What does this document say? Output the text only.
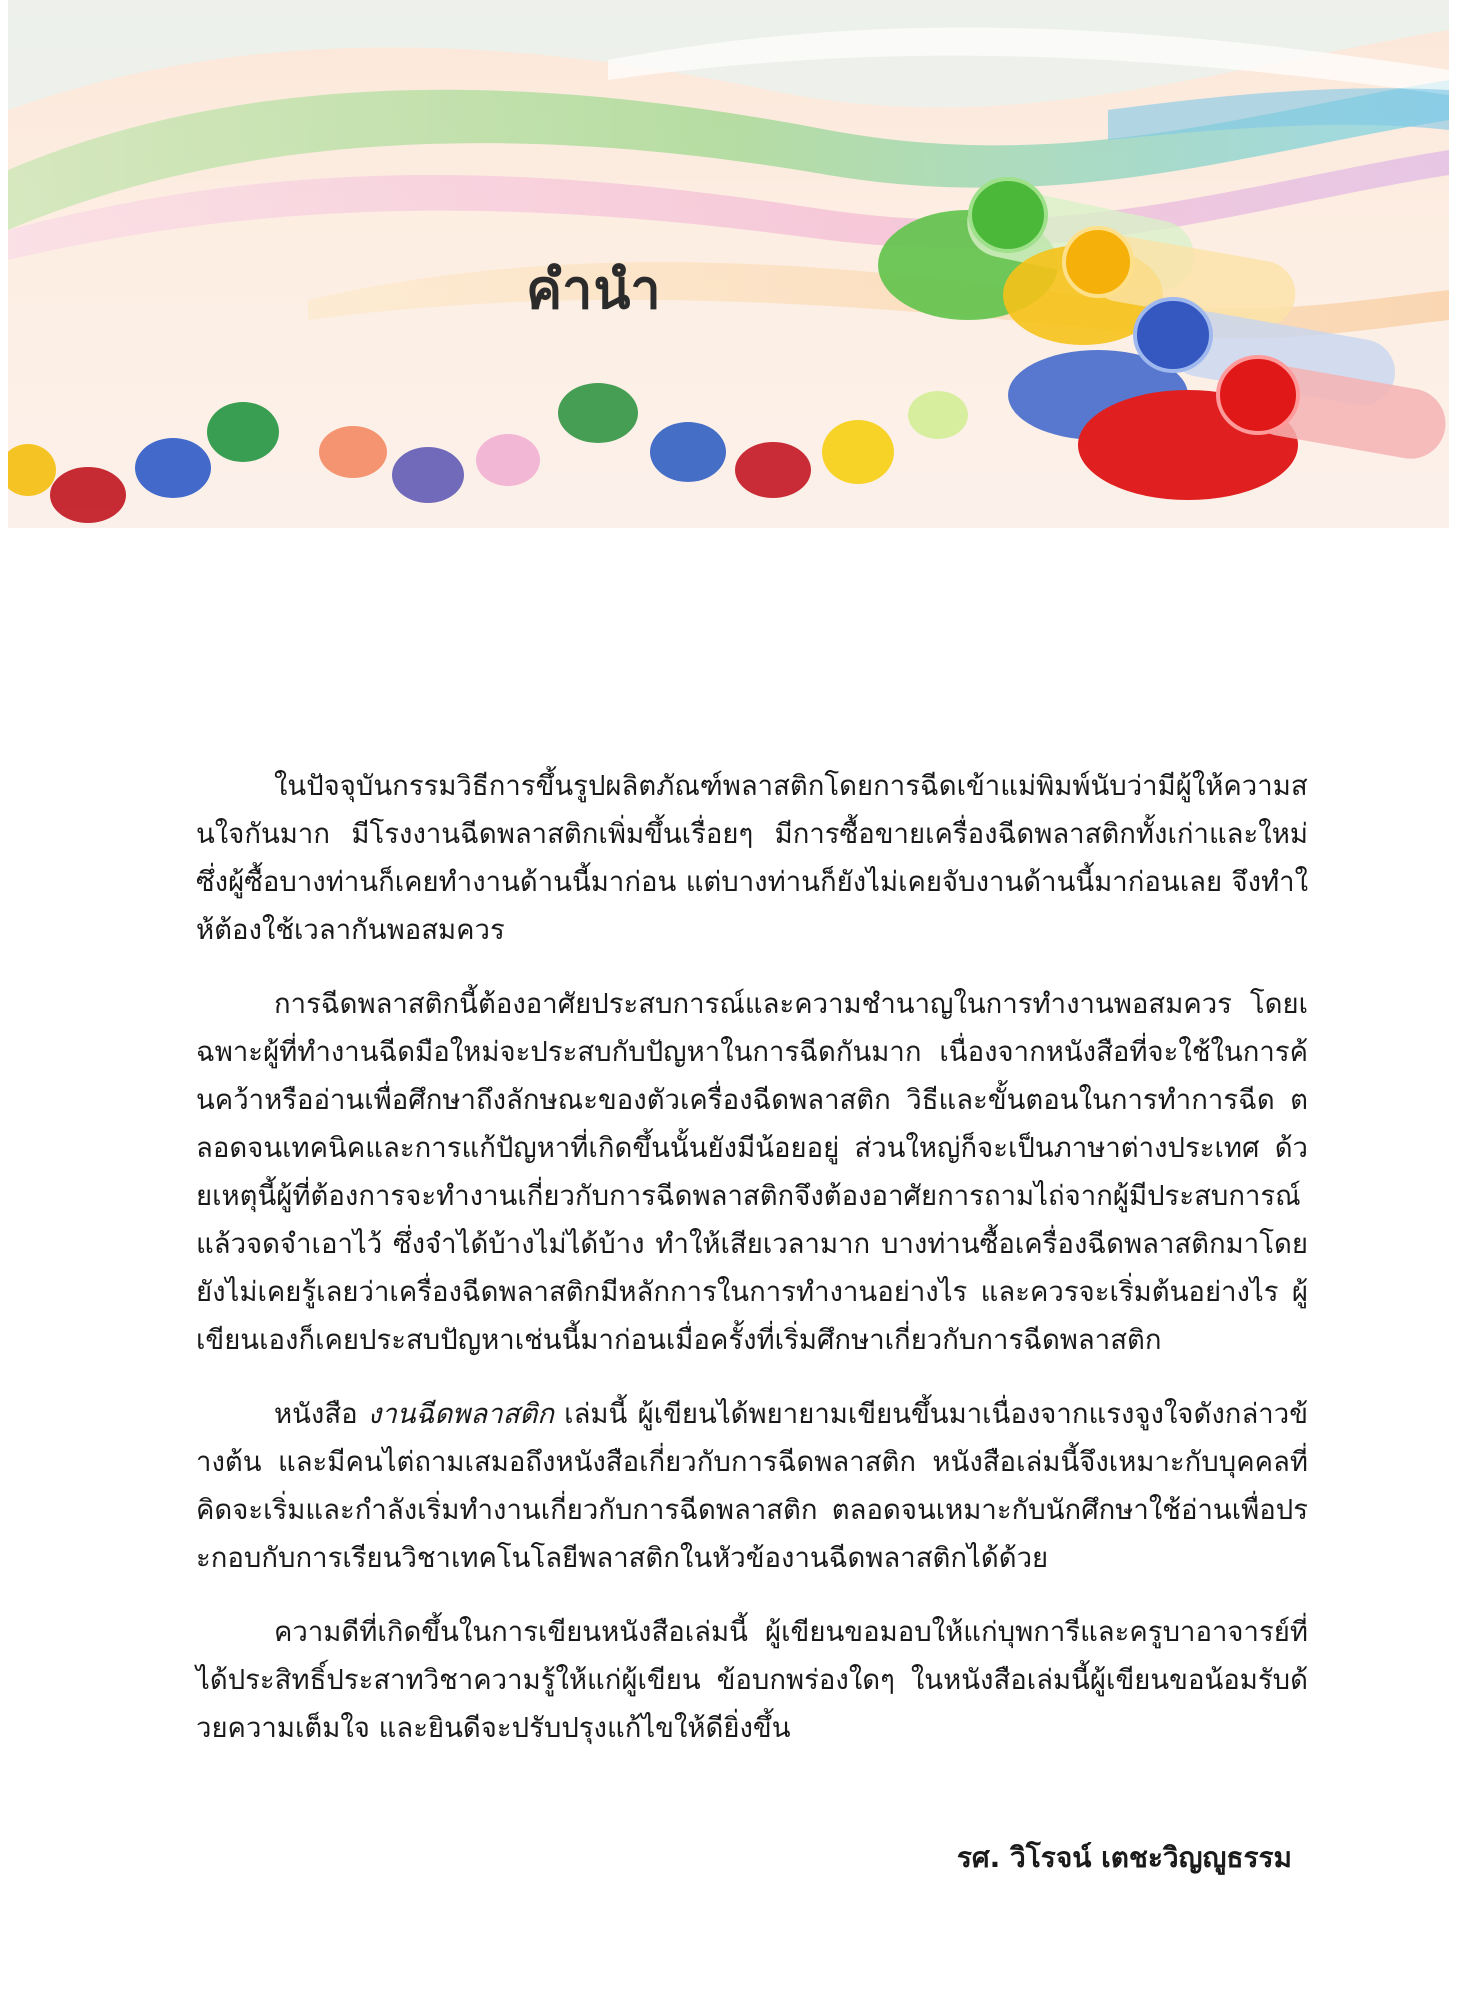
คำนำ

ในปัจจุบันกรรมวิธีการขึ้นรูปผลิตภัณฑ์พลาสติกโดยการฉีดเข้าแม่พิมพ์นับว่ามีผู้ให้ความสนใจกันมาก มีโรงงานฉีดพลาสติกเพิ่มขึ้นเรื่อยๆ มีการซื้อขายเครื่องฉีดพลาสติกทั้งเก่าและใหม่ ซึ่งผู้ซื้อบางท่านก็เคยทำงานด้านนี้มาก่อน แต่บางท่านก็ยังไม่เคยจับงานด้านนี้มาก่อนเลย จึงทำให้ต้องใช้เวลากันพอสมควร

การฉีดพลาสติกนี้ต้องอาศัยประสบการณ์และความชำนาญในการทำงานพอสมควร โดยเฉพาะผู้ที่ทำงานฉีดมือใหม่จะประสบกับปัญหาในการฉีดกันมาก เนื่องจากหนังสือที่จะใช้ในการค้นคว้าหรืออ่านเพื่อศึกษาถึงลักษณะของตัวเครื่องฉีดพลาสติก วิธีและขั้นตอนในการทำการฉีด ตลอดจนเทคนิคและการแก้ปัญหาที่เกิดขึ้นนั้นยังมีน้อยอยู่ ส่วนใหญ่ก็จะเป็นภาษาต่างประเทศ ด้วยเหตุนี้ผู้ที่ต้องการจะทำงานเกี่ยวกับการฉีดพลาสติกจึงต้องอาศัยการถามไถ่จากผู้มีประสบการณ์แล้วจดจำเอาไว้ ซึ่งจำได้บ้างไม่ได้บ้าง ทำให้เสียเวลามาก บางท่านซื้อเครื่องฉีดพลาสติกมาโดยยังไม่เคยรู้เลยว่าเครื่องฉีดพลาสติกมีหลักการในการทำงานอย่างไร และควรจะเริ่มต้นอย่างไร ผู้เขียนเองก็เคยประสบปัญหาเช่นนี้มาก่อนเมื่อครั้งที่เริ่มศึกษาเกี่ยวกับการฉีดพลาสติก

หนังสือ งานฉีดพลาสติก เล่มนี้ ผู้เขียนได้พยายามเขียนขึ้นมาเนื่องจากแรงจูงใจดังกล่าวข้างต้น และมีคนไต่ถามเสมอถึงหนังสือเกี่ยวกับการฉีดพลาสติก หนังสือเล่มนี้จึงเหมาะกับบุคคลที่คิดจะเริ่มและกำลังเริ่มทำงานเกี่ยวกับการฉีดพลาสติก ตลอดจนเหมาะกับนักศึกษาใช้อ่านเพื่อประกอบกับการเรียนวิชาเทคโนโลยีพลาสติกในหัวข้องานฉีดพลาสติกได้ด้วย

ความดีที่เกิดขึ้นในการเขียนหนังสือเล่มนี้ ผู้เขียนขอมอบให้แก่บุพการีและครูบาอาจารย์ที่ได้ประสิทธิ์ประสาทวิชาความรู้ให้แก่ผู้เขียน ข้อบกพร่องใดๆ ในหนังสือเล่มนี้ผู้เขียนขอน้อมรับด้วยความเต็มใจ และยินดีจะปรับปรุงแก้ไขให้ดียิ่งขึ้น

รศ. วิโรจน์ เตชะวิญญูธรรม
